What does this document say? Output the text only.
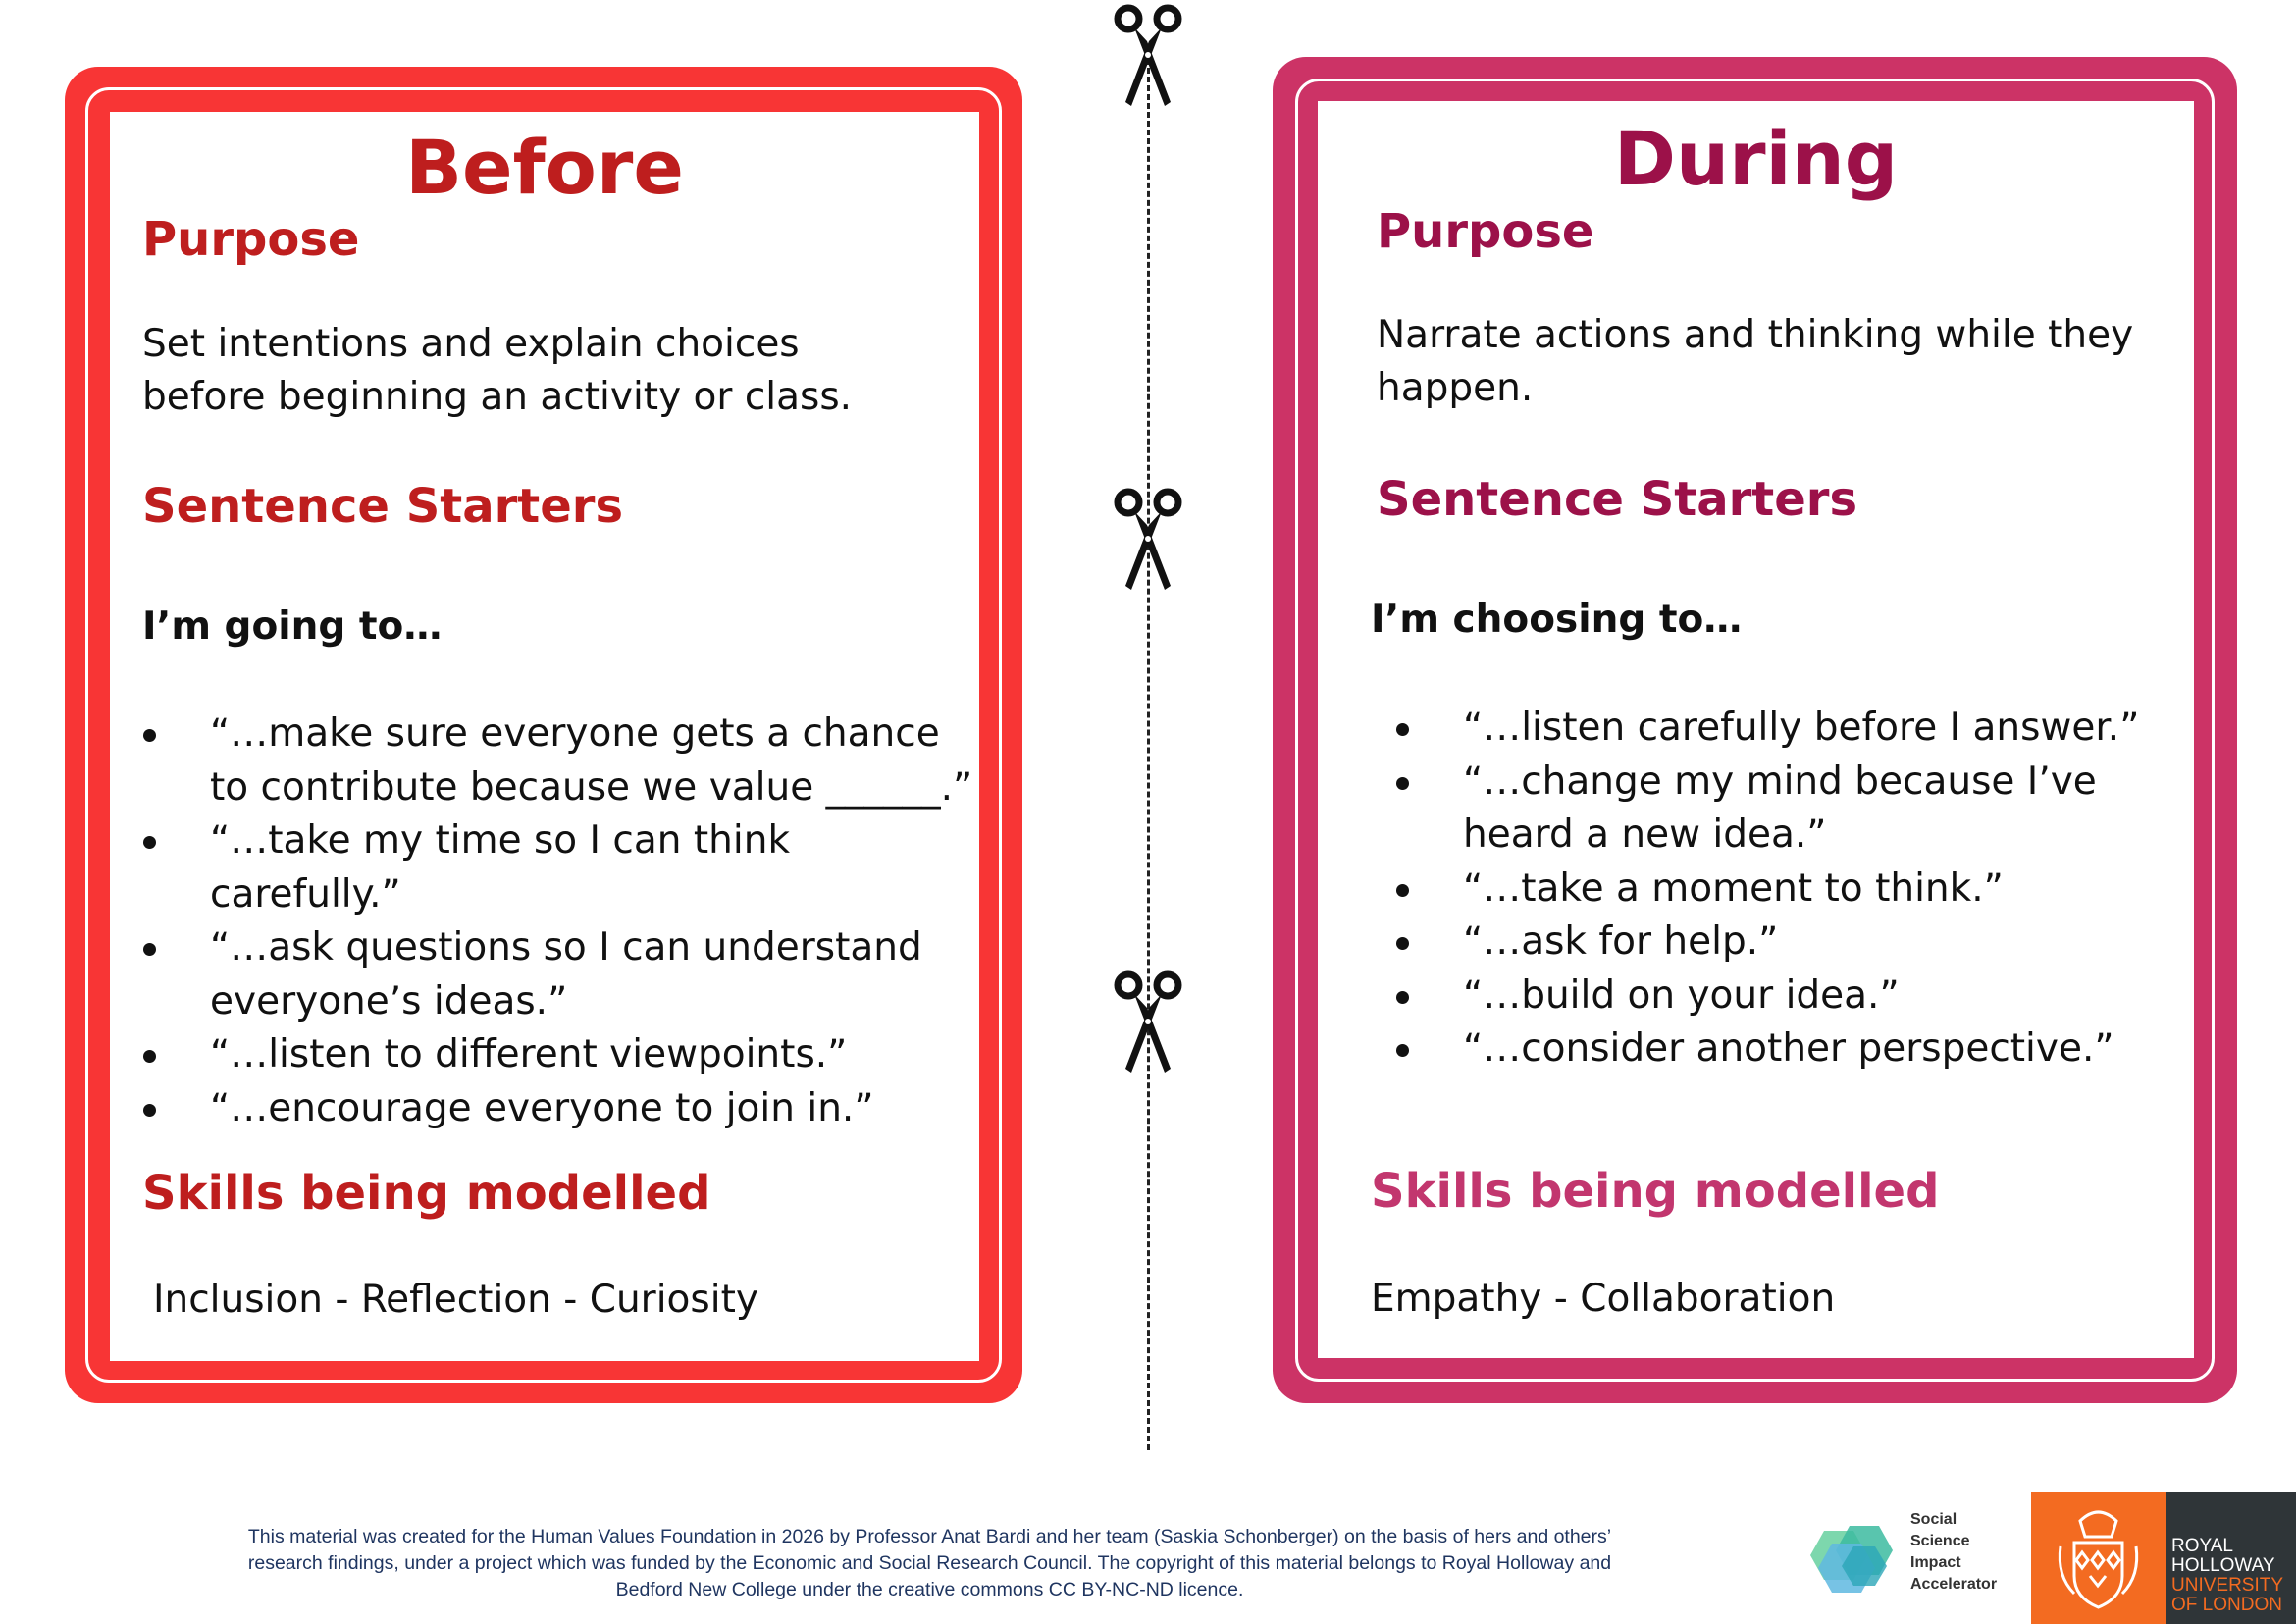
Before
Purpose

Set intentions and explain choices
before beginning an activity or class.

Sentence Starters

I’m going to…

“…make sure everyone gets a chance to contribute because we value ______.”
“…take my time so I can think carefully.”
“…ask questions so I can understand everyone’s ideas.”
“…listen to different viewpoints.”
“…encourage everyone to join in.”
Skills being modelled

Inclusion - Reflection - Curiosity

During
Purpose

Narrate actions and thinking while they
happen.

Sentence Starters

I’m choosing to…

“…listen carefully before I answer.”
“…change my mind because I’ve heard a new idea.”
“…take a moment to think.”
“…ask for help.”
“…build on your idea.”
“…consider another perspective.”
Skills being modelled

Empathy - Collaboration

This material was created for the Human Values Foundation in 2026 by Professor Anat Bardi and her team (Saskia Schonberger) on the basis of hers and others’
research findings, under a project which was funded by the Economic and Social Research Council. The copyright of this material belongs to Royal Holloway and
Bedford New College under the creative commons CC BY-NC-ND licence.

Social
Science
Impact
Accelerator
ROYAL
HOLLOWAY
UNIVERSITY
OF LONDON
